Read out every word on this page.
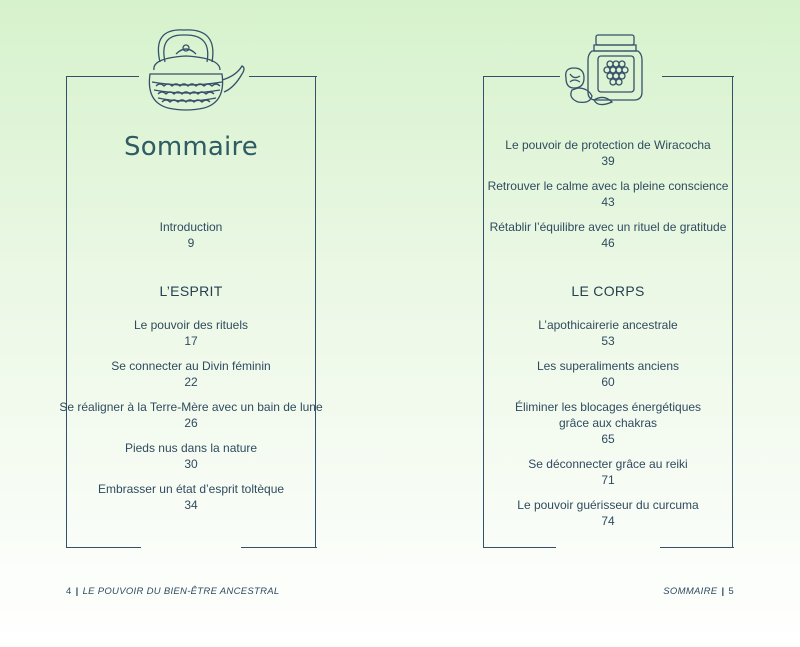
Sommaire
Introduction
9
L’ESPRIT
Le pouvoir des rituels
17
Se connecter au Divin féminin
22
Se réaligner à la Terre-Mère avec un bain de lune
26
Pieds nus dans la nature
30
Embrasser un état d’esprit toltèque
34
4 | LE POUVOIR DU BIEN-ÊTRE ANCESTRAL
Le pouvoir de protection de Wiracocha
39
Retrouver le calme avec la pleine conscience
43
Rétablir l’équilibre avec un rituel de gratitude
46
LE CORPS
L’apothicairerie ancestrale
53
Les superaliments anciens
60
Éliminer les blocages énergétiques
grâce aux chakras
65
Se déconnecter grâce au reiki
71
Le pouvoir guérisseur du curcuma
74
SOMMAIRE | 5
